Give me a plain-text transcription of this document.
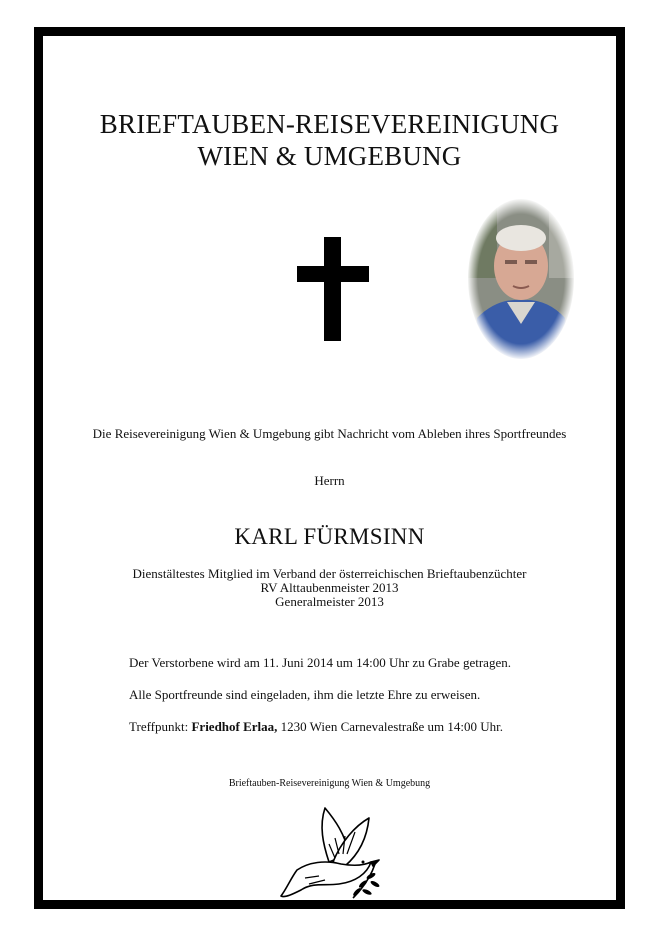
BRIEFTAUBEN-REISEVEREINIGUNG
WIEN & UMGEBUNG
Die Reisevereinigung Wien & Umgebung gibt Nachricht vom Ableben ihres Sportfreundes
Herrn
KARL FÜRMSINN
Dienstältestes Mitglied im Verband der österreichischen Brieftaubenzüchter
RV Alttaubenmeister 2013
Generalmeister 2013
Der Verstorbene wird am 11. Juni 2014 um 14:00 Uhr zu Grabe getragen.
Alle Sportfreunde sind eingeladen, ihm die letzte Ehre zu erweisen.
Treffpunkt: Friedhof Erlaa, 1230 Wien Carnevalestraße um 14:00 Uhr.
Brieftauben-Reisevereinigung Wien & Umgebung
